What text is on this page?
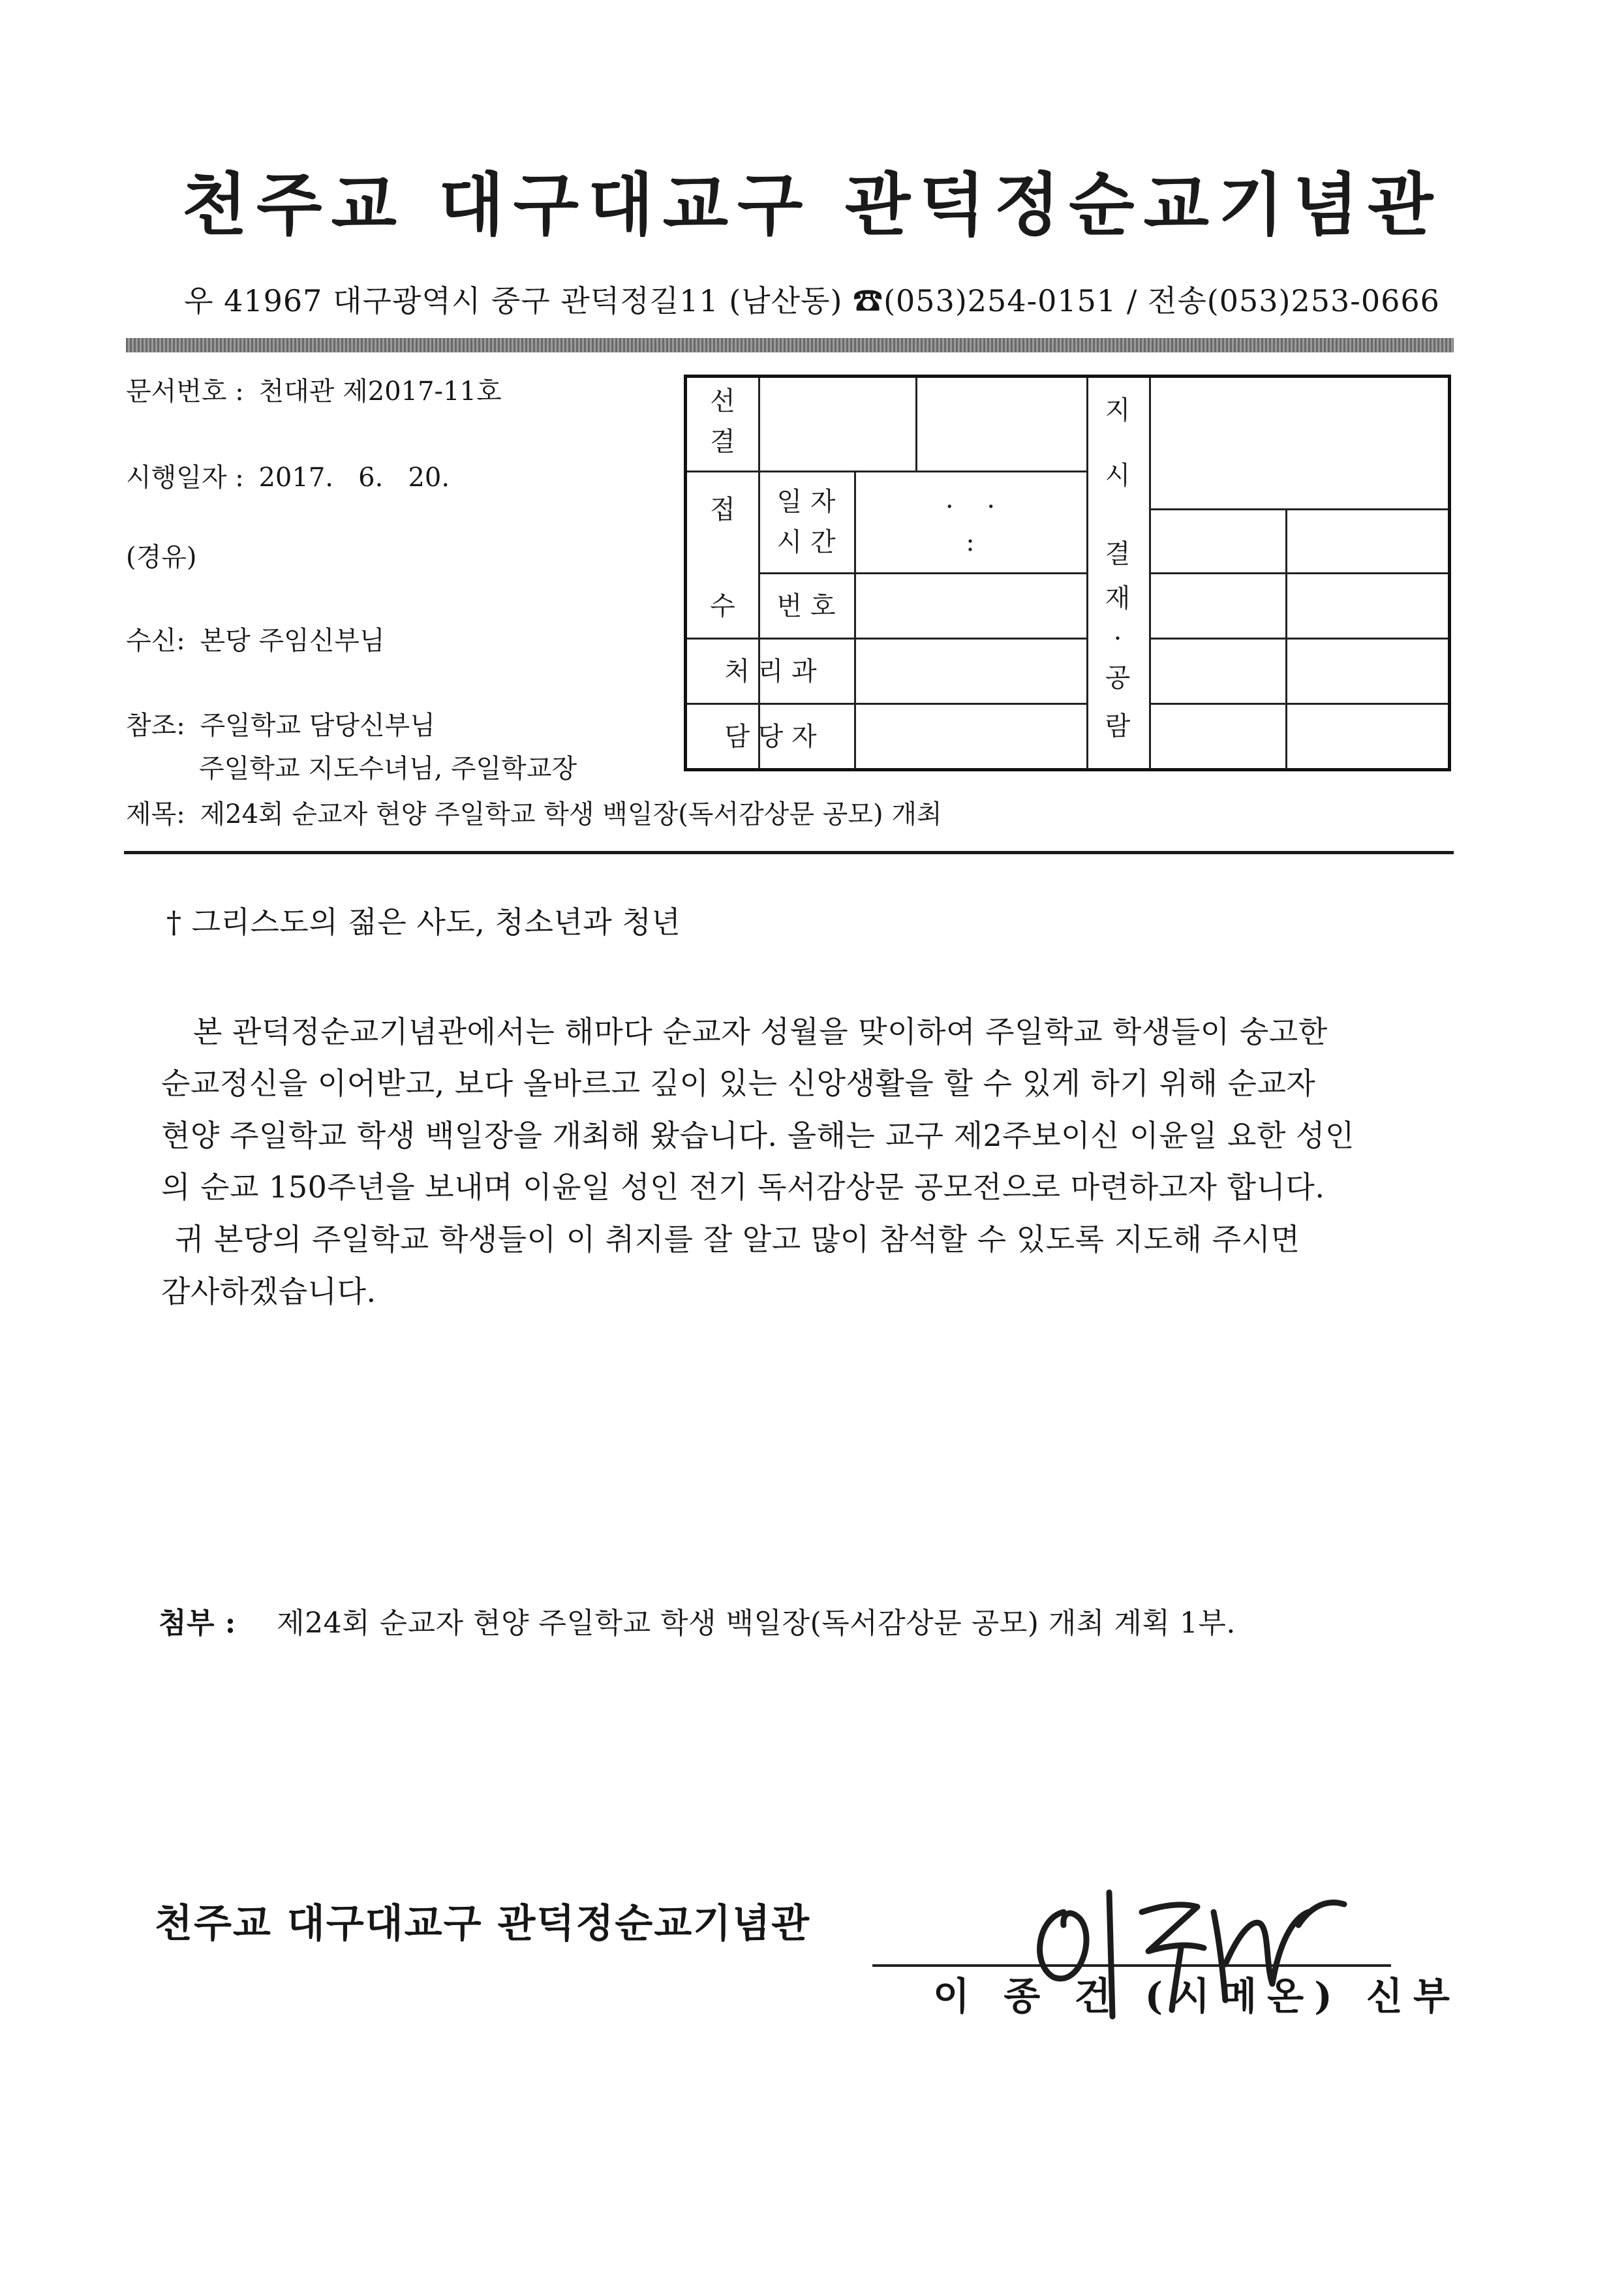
천주교 대구대교구 관덕정순교기념관
우 41967 대구광역시 중구 관덕정길11 (남산동) ☎(053)254-0151 / 전송(053)253-0666
문서번호 : 천대관 제2017-11호
시행일자 : 2017.   6.   20.
(경유)
수신: 본당 주임신부님
참조: 주일학교 담당신부님
주일학교 지도수녀님, 주일학교장
제목: 제24회 순교자 현양 주일학교 학생 백일장(독서감상문 공모) 개최
선
결
접
수
일 자
시 간
.    .
:
번 호
처 리 과
담 당 자
지
시
결
재
·
공
람
† 그리스도의 젊은 사도, 청소년과 청년
본 관덕정순교기념관에서는 해마다 순교자 성월을 맞이하여 주일학교 학생들이 숭고한
순교정신을 이어받고, 보다 올바르고 깊이 있는 신앙생활을 할 수 있게 하기 위해 순교자
현양 주일학교 학생 백일장을 개최해 왔습니다. 올해는 교구 제2주보이신 이윤일 요한 성인
의 순교 150주년을 보내며 이윤일 성인 전기 독서감상문 공모전으로 마련하고자 합니다.
귀 본당의 주일학교 학생들이 이 취지를 잘 알고 많이 참석할 수 있도록 지도해 주시면
감사하겠습니다.
첨부 : 제24회 순교자 현양 주일학교 학생 백일장(독서감상문 공모) 개최 계획 1부.
천주교 대구대교구 관덕정순교기념관
이 종 건 (시메온) 신부
